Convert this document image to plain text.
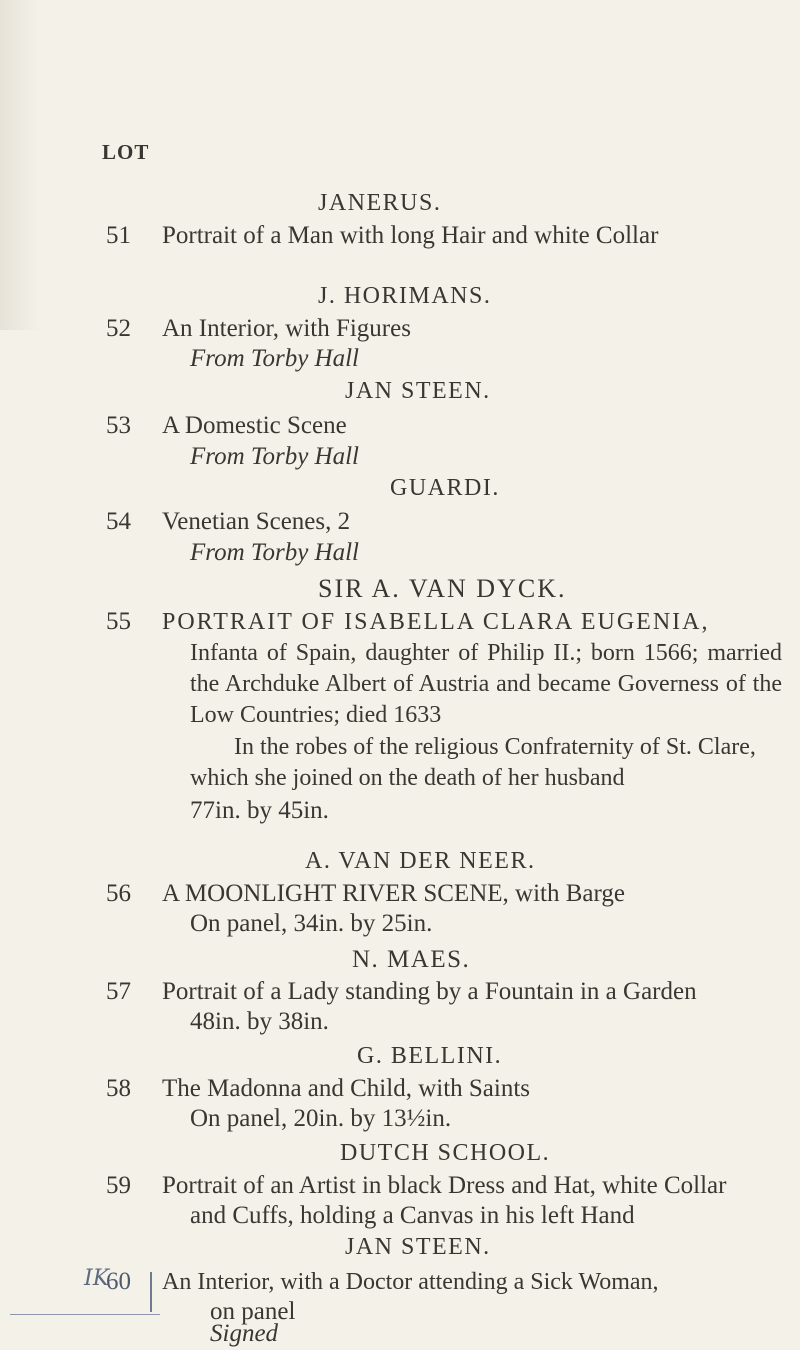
LOT
JANERUS.
51	Portrait of a Man with long Hair and white Collar
J. HORIMANS.
52	An Interior, with Figures
From Torby Hall
JAN STEEN.
53	A Domestic Scene
From Torby Hall
GUARDI.
54	Venetian Scenes, 2
From Torby Hall
SIR A. VAN DYCK.
55	PORTRAIT OF ISABELLA CLARA EUGENIA,
Infanta of Spain, daughter of Philip II.; born 1566; married the Archduke Albert of Austria and became Governess of the Low Countries; died 1633
In the robes of the religious Confraternity of St. Clare, which she joined on the death of her husband
77in. by 45in.
A. VAN DER NEER.
56	A MOONLIGHT RIVER SCENE, with Barge
On panel, 34in. by 25in.
N. MAES.
57	Portrait of a Lady standing by a Fountain in a Garden
48in. by 38in.
G. BELLINI.
58	The Madonna and Child, with Saints
On panel, 20in. by 13½in.
DUTCH SCHOOL.
59	Portrait of an Artist in black Dress and Hat, white Collar
and Cuffs, holding a Canvas in his left Hand
JAN STEEN.
60	An Interior, with a Doctor attending a Sick Woman,
on panel
Signed
IK
